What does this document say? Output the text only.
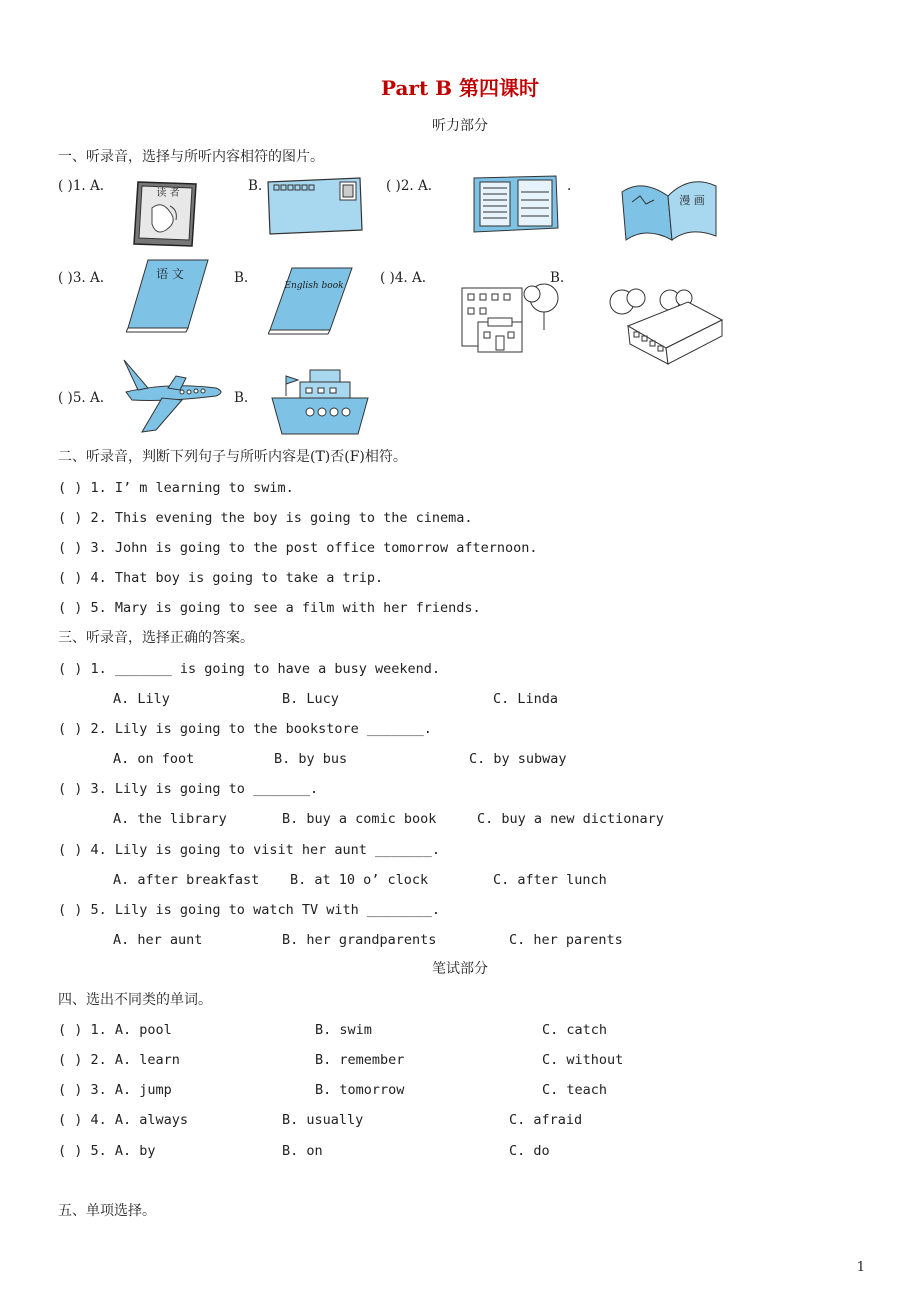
Part B 第四课时
听力部分
一、听录音，选择与所听内容相符的图片。
( )1. A.	读 者	B.	( )2. A.	.
漫 画
( )3. A.	语 文	B.	English book	( )4. A.	B.
( )5. A.	B.
二、听录音，判断下列句子与所听内容是(T)否(F)相符。
( ) 1. I’ m learning to swim.
( ) 2. This evening the boy is going to the cinema.
( ) 3. John is going to the post office tomorrow afternoon.
( ) 4. That boy is going to take a trip.
( ) 5. Mary is going to see a film with her friends.
三、听录音，选择正确的答案。
( ) 1. _______ is going to have a busy weekend.
A. Lily	B. Lucy	C. Linda
( ) 2. Lily is going to the bookstore _______.
A. on foot	B. by bus	C. by subway
( ) 3. Lily is going to _______.
A. the library	B. buy a comic book	C. buy a new dictionary
( ) 4. Lily is going to visit her aunt _______.
A. after breakfast B. at 10 o’ clock	C. after lunch
( ) 5. Lily is going to watch TV with ________.
A. her aunt	B. her grandparents	C. her parents
笔试部分
四、选出不同类的单词。
( ) 1. A. pool	B. swim	C. catch
( ) 2. A. learn	B. remember	C. without
( ) 3. A. jump	B. tomorrow	C. teach
( ) 4. A. always	B. usually	C. afraid
( ) 5. A. by	B. on	C. do
五、单项选择。
1
